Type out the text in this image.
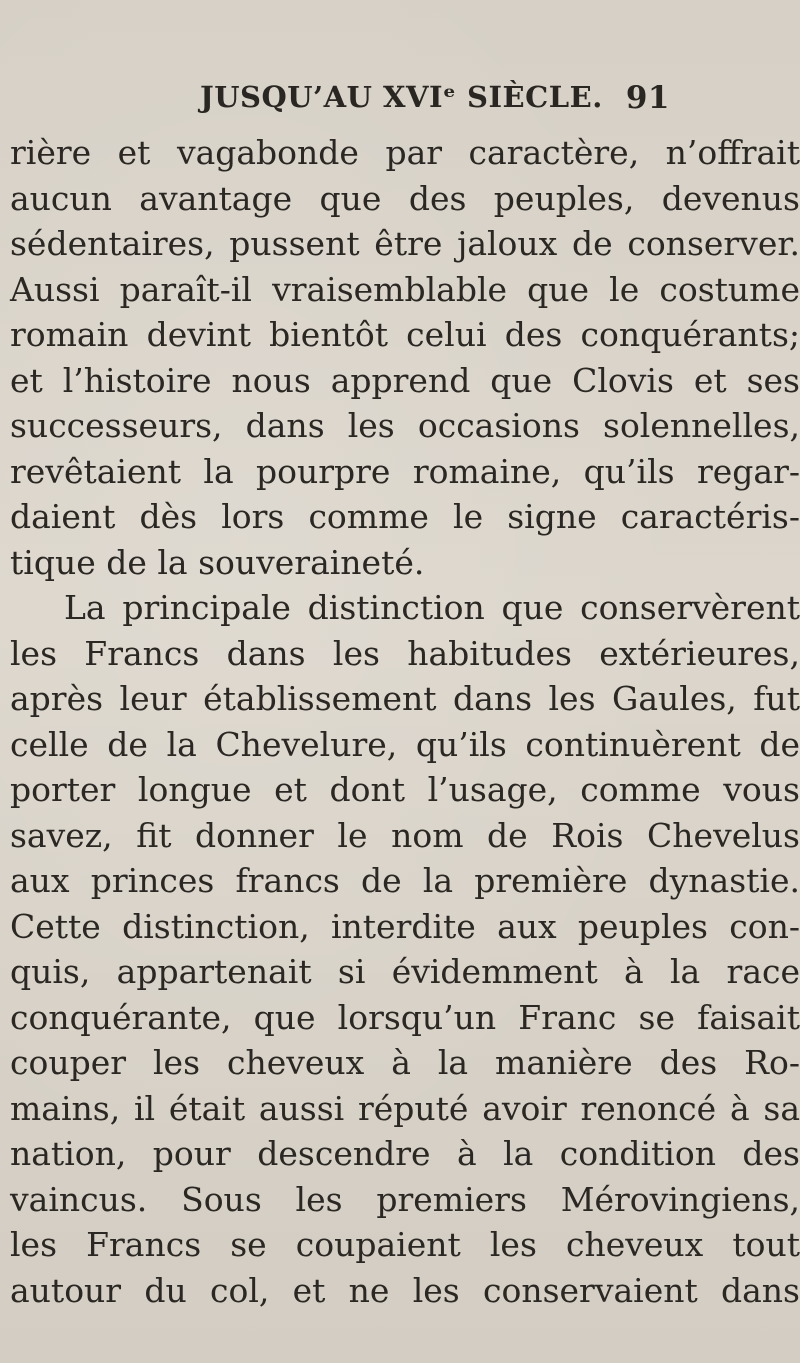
JUSQU’AU XVIᵉ SIÈCLE. 91
rière et vagabonde par caractère, n’offrait
aucun avantage que des peuples, devenus
sédentaires, pussent être jaloux de conserver.
Aussi paraît-il vraisemblable que le costume
romain devint bientôt celui des conquérants;
et l’histoire nous apprend que Clovis et ses
successeurs, dans les occasions solennelles,
revêtaient la pourpre romaine, qu’ils regar-
daient dès lors comme le signe caractéris-
tique de la souveraineté.
La principale distinction que conservèrent
les Francs dans les habitudes extérieures,
après leur établissement dans les Gaules, fut
celle de la Chevelure, qu’ils continuèrent de
porter longue et dont l’usage, comme vous
savez, fit donner le nom de Rois Chevelus
aux princes francs de la première dynastie.
Cette distinction, interdite aux peuples con-
quis, appartenait si évidemment à la race
conquérante, que lorsqu’un Franc se faisait
couper les cheveux à la manière des Ro-
mains, il était aussi réputé avoir renoncé à sa
nation, pour descendre à la condition des
vaincus. Sous les premiers Mérovingiens,
les Francs se coupaient les cheveux tout
autour du col, et ne les conservaient dans
